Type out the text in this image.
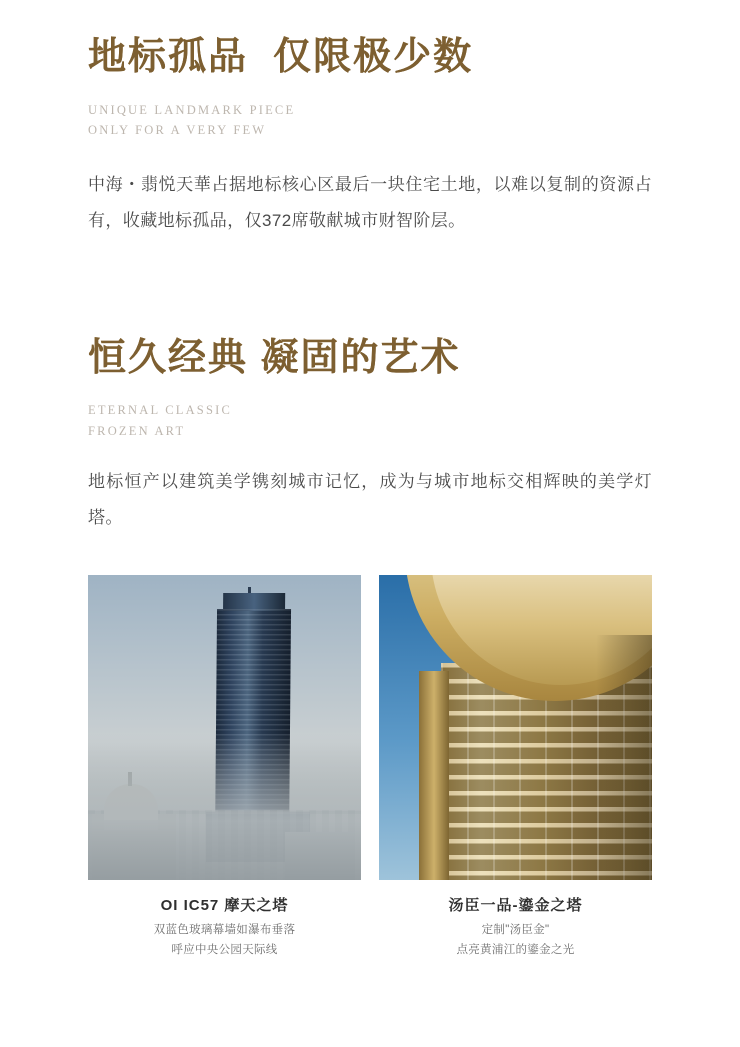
地标孤品  仅限极少数
UNIQUE LANDMARK PIECE
ONLY FOR A VERY FEW

中海・翡悦天華占据地标核心区最后一块住宅土地，以难以复制的资源占有，收藏地标孤品，仅372席敬献城市财智阶层。

恒久经典 凝固的艺术
ETERNAL CLASSIC
FROZEN ART

地标恒产以建筑美学镌刻城市记忆，成为与城市地标交相辉映的美学灯塔。

OI IC57 摩天之塔
双蓝色玻璃幕墙如瀑布垂落
呼应中央公园天际线
汤臣一品-鎏金之塔
定制"汤臣金"
点亮黄浦江的鎏金之光
